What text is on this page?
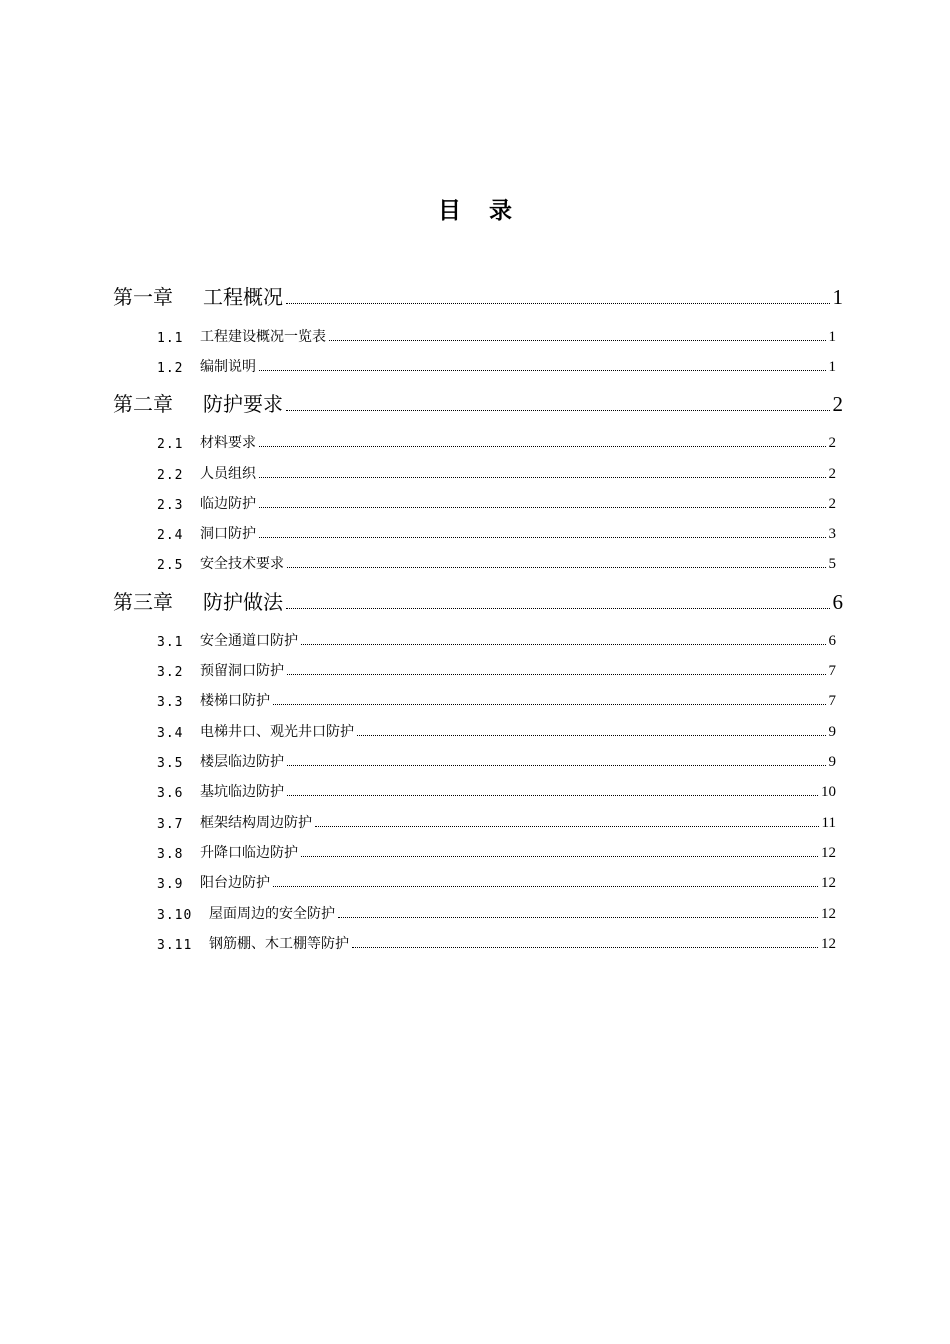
目 录
第一章	工程概况	1
1.1	工程建设概况一览表	1
1.2	编制说明	1
第二章	防护要求	2
2.1	材料要求	2
2.2	人员组织	2
2.3	临边防护	2
2.4	洞口防护	3
2.5	安全技术要求	5
第三章	防护做法	6
3.1	安全通道口防护	6
3.2	预留洞口防护	7
3.3	楼梯口防护	7
3.4	电梯井口、观光井口防护	9
3.5	楼层临边防护	9
3.6	基坑临边防护	10
3.7	框架结构周边防护	11
3.8	升降口临边防护	12
3.9	阳台边防护	12
3.10	屋面周边的安全防护	12
3.11	钢筋棚、木工棚等防护	12
